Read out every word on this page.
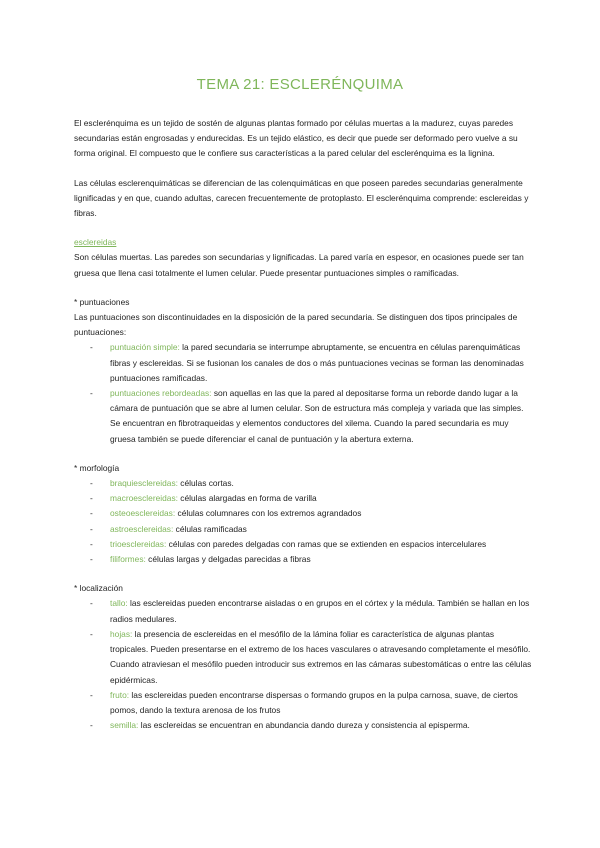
TEMA 21: ESCLERÉNQUIMA

El esclerénquima es un tejido de sostén de algunas plantas formado por células muertas a la madurez, cuyas paredes secundarias están engrosadas y endurecidas. Es un tejido elástico, es decir que puede ser deformado pero vuelve a su forma original. El compuesto que le confiere sus características a la pared celular del esclerénquima es la lignina.

Las células esclerenquimáticas se diferencian de las colenquimáticas en que poseen paredes secundarias generalmente lignificadas y en que, cuando adultas, carecen frecuentemente de protoplasto. El esclerénquima comprende: esclereidas y fibras.

esclereidas

Son células muertas. Las paredes son secundarias y lignificadas. La pared varía en espesor, en ocasiones puede ser tan gruesa que llena casi totalmente el lumen celular. Puede presentar puntuaciones simples o ramificadas.

* puntuaciones

Las puntuaciones son discontinuidades en la disposición de la pared secundaria. Se distinguen dos tipos principales de puntuaciones:

- puntuación simple: la pared secundaria se interrumpe abruptamente, se encuentra en células parenquimáticas fibras y esclereidas. Si se fusionan los canales de dos o más puntuaciones vecinas se forman las denominadas puntuaciones ramificadas.
- puntuaciones rebordeadas: son aquellas en las que la pared al depositarse forma un reborde dando lugar a la cámara de puntuación que se abre al lumen celular. Son de estructura más compleja y variada que las simples. Se encuentran en fibrotraqueidas y elementos conductores del xilema. Cuando la pared secundaria es muy gruesa también se puede diferenciar el canal de puntuación y la abertura externa.

* morfología

- braquiesclereidas: células cortas.
- macroesclereidas: células alargadas en forma de varilla
- osteoesclereidas: células columnares con los extremos agrandados
- astroesclereidas: células ramificadas
- trioesclereidas: células con paredes delgadas con ramas que se extienden en espacios intercelulares
- filiformes: células largas y delgadas parecidas a fibras

* localización

- tallo: las esclereidas pueden encontrarse aisladas o en grupos en el córtex y la médula. También se hallan en los radios medulares.
- hojas: la presencia de esclereidas en el mesófilo de la lámina foliar es característica de algunas plantas tropicales. Pueden presentarse en el extremo de los haces vasculares o atravesando completamente el mesófilo. Cuando atraviesan el mesófilo pueden introducir sus extremos en las cámaras subestomáticas o entre las células epidérmicas.
- fruto: las esclereidas pueden encontrarse dispersas o formando grupos en la pulpa carnosa, suave, de ciertos pomos, dando la textura arenosa de los frutos
- semilla: las esclereidas se encuentran en abundancia dando dureza y consistencia al episperma.
